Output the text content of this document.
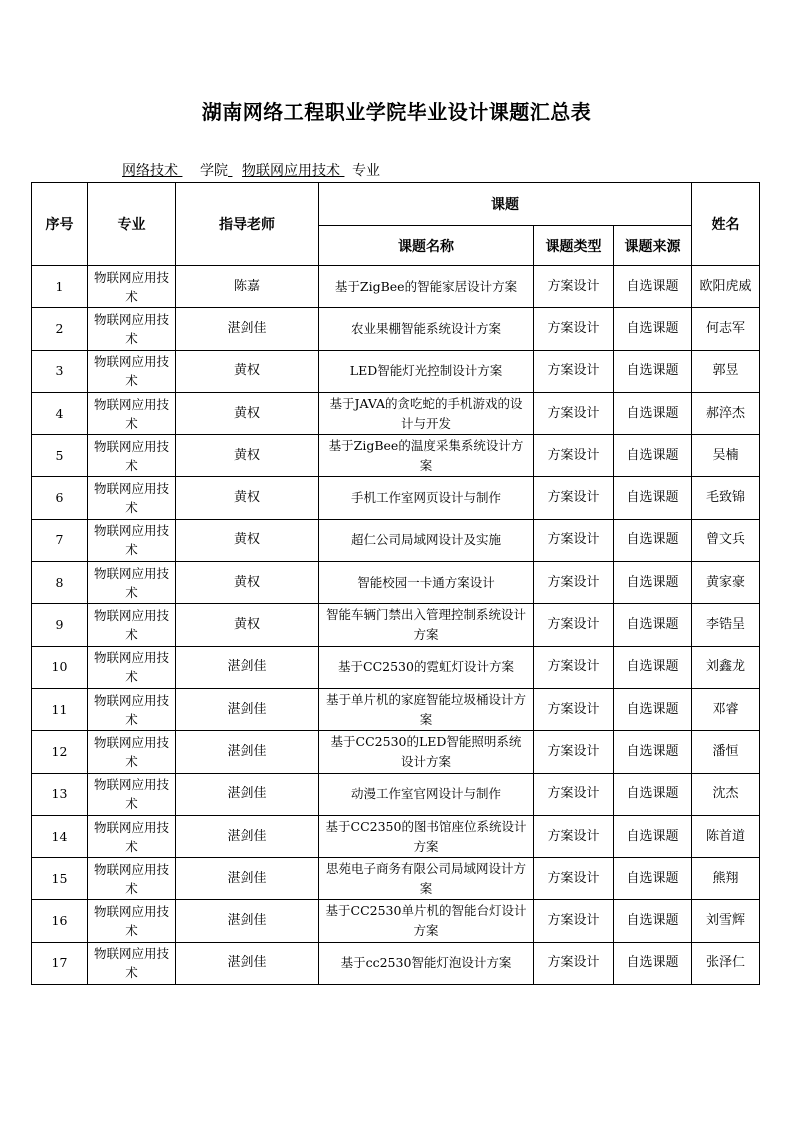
湖南网络工程职业学院毕业设计课题汇总表
网络技术 学院 物联网应用技术 专业
序号	专业	指导老师	课题			姓名
			课题名称	课题类型	课题来源	
1	物联网应用技术	陈嘉	基于ZigBee的智能家居设计方案	方案设计	自选课题	欧阳虎威
2	物联网应用技术	湛剑佳	农业果棚智能系统设计方案	方案设计	自选课题	何志军
3	物联网应用技术	黄权	LED智能灯光控制设计方案	方案设计	自选课题	郭昱
4	物联网应用技术	黄权	基于JAVA的贪吃蛇的手机游戏的设计与开发	方案设计	自选课题	郝淬杰
5	物联网应用技术	黄权	基于ZigBee的温度采集系统设计方案	方案设计	自选课题	吴楠
6	物联网应用技术	黄权	手机工作室网页设计与制作	方案设计	自选课题	毛致锦
7	物联网应用技术	黄权	超仁公司局域网设计及实施	方案设计	自选课题	曾文兵
8	物联网应用技术	黄权	智能校园一卡通方案设计	方案设计	自选课题	黄家豪
9	物联网应用技术	黄权	智能车辆门禁出入管理控制系统设计方案	方案设计	自选课题	李锆呈
10	物联网应用技术	湛剑佳	基于CC2530的霓虹灯设计方案	方案设计	自选课题	刘鑫龙
11	物联网应用技术	湛剑佳	基于单片机的家庭智能垃圾桶设计方案	方案设计	自选课题	邓睿
12	物联网应用技术	湛剑佳	基于CC2530的LED智能照明系统设计方案	方案设计	自选课题	潘恒
13	物联网应用技术	湛剑佳	动漫工作室官网设计与制作	方案设计	自选课题	沈杰
14	物联网应用技术	湛剑佳	基于CC2350的图书馆座位系统设计方案	方案设计	自选课题	陈首道
15	物联网应用技术	湛剑佳	思苑电子商务有限公司局域网设计方案	方案设计	自选课题	熊翔
16	物联网应用技术	湛剑佳	基于CC2530单片机的智能台灯设计方案	方案设计	自选课题	刘雪辉
17	物联网应用技术	湛剑佳	基于cc2530智能灯泡设计方案	方案设计	自选课题	张泽仁
